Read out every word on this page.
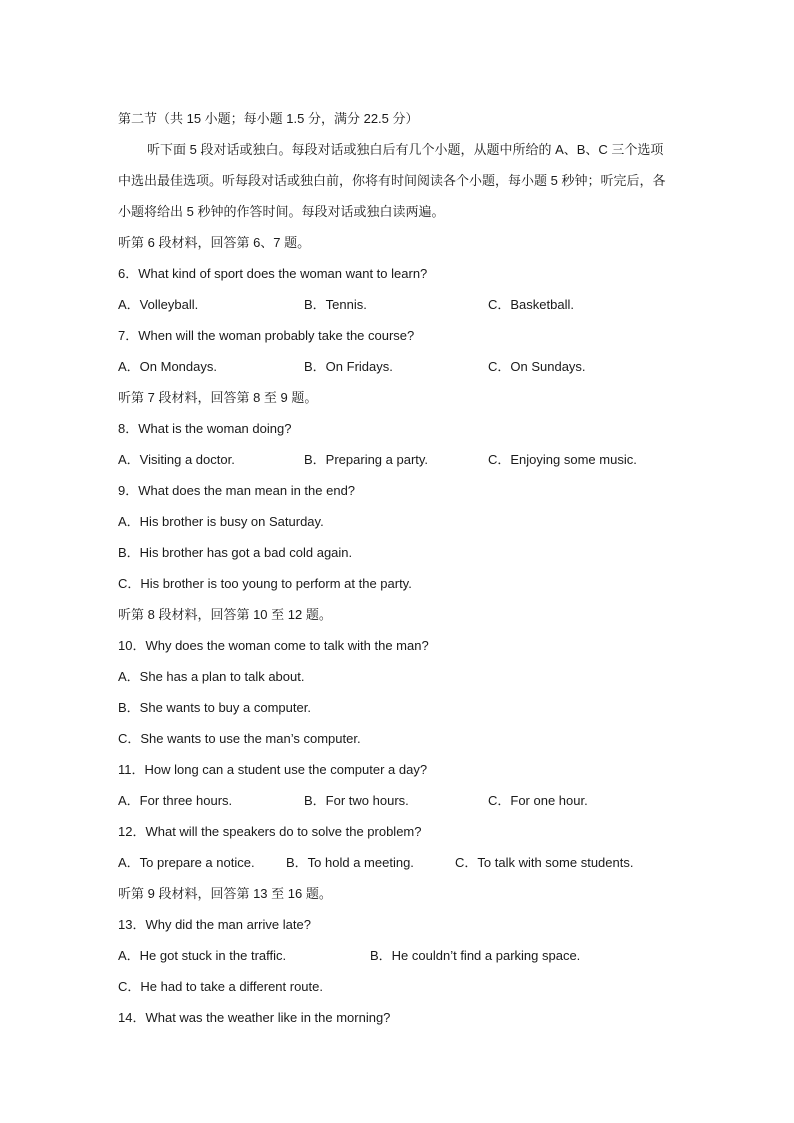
第二节（共 15 小题；每小题 1.5 分，满分 22.5 分）
听下面 5 段对话或独白。每段对话或独白后有几个小题，从题中所给的 A、B、C 三个选项中选出最佳选项。听每段对话或独白前，你将有时间阅读各个小题，每小题 5 秒钟；听完后，各小题将给出 5 秒钟的作答时间。每段对话或独白读两遍。
听第 6 段材料，回答第 6、7 题。
6．What kind of sport does the woman want to learn?
A．Volleyball.	B．Tennis.	C．Basketball.
7．When will the woman probably take the course?
A．On Mondays.	B．On Fridays.	C．On Sundays.
听第 7 段材料，回答第 8 至 9 题。
8．What is the woman doing?
A．Visiting a doctor.	B．Preparing a party.	C．Enjoying some music.
9．What does the man mean in the end?
A．His brother is busy on Saturday.
B．His brother has got a bad cold again.
C．His brother is too young to perform at the party.
听第 8 段材料，回答第 10 至 12 题。
10．Why does the woman come to talk with the man?
A．She has a plan to talk about.
B．She wants to buy a computer.
C．She wants to use the man’s computer.
11．How long can a student use the computer a day?
A．For three hours.	B．For two hours.	C．For one hour.
12．What will the speakers do to solve the problem?
A．To prepare a notice. B．To hold a meeting.	C．To talk with some students.
听第 9 段材料，回答第 13 至 16 题。
13．Why did the man arrive late?
A．He got stuck in the traffic.	B．He couldn’t find a parking space.
C．He had to take a different route.
14．What was the weather like in the morning?
